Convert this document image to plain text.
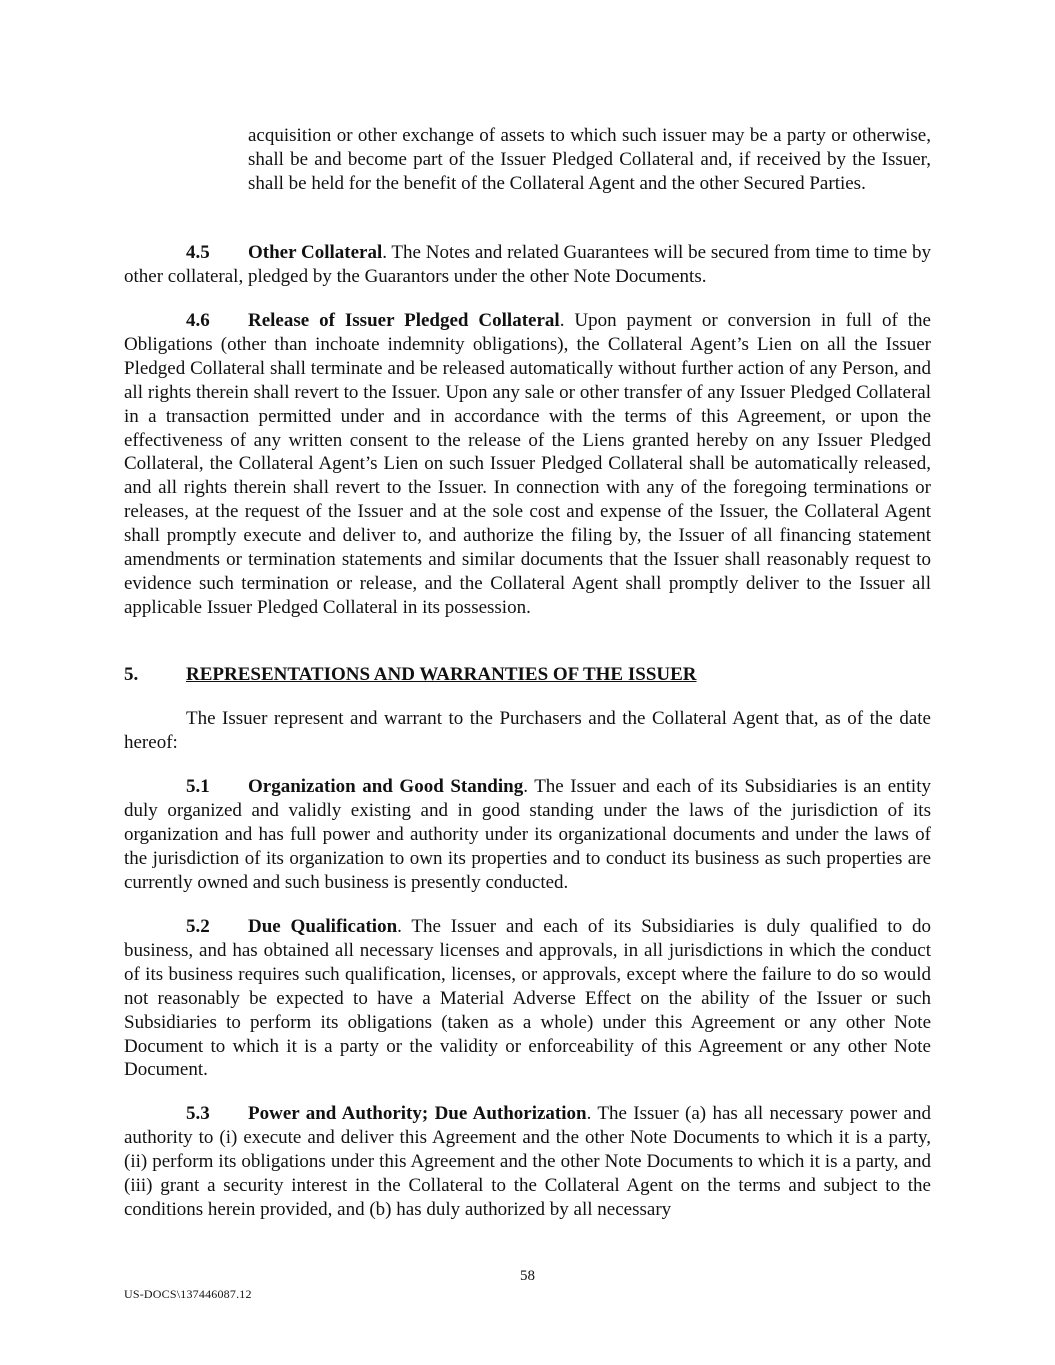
acquisition or other exchange of assets to which such issuer may be a party or otherwise, shall be and become part of the Issuer Pledged Collateral and, if received by the Issuer, shall be held for the benefit of the Collateral Agent and the other Secured Parties.
4.5 Other Collateral. The Notes and related Guarantees will be secured from time to time by other collateral, pledged by the Guarantors under the other Note Documents.
4.6 Release of Issuer Pledged Collateral. Upon payment or conversion in full of the Obligations (other than inchoate indemnity obligations), the Collateral Agent’s Lien on all the Issuer Pledged Collateral shall terminate and be released automatically without further action of any Person, and all rights therein shall revert to the Issuer. Upon any sale or other transfer of any Issuer Pledged Collateral in a transaction permitted under and in accordance with the terms of this Agreement, or upon the effectiveness of any written consent to the release of the Liens granted hereby on any Issuer Pledged Collateral, the Collateral Agent’s Lien on such Issuer Pledged Collateral shall be automatically released, and all rights therein shall revert to the Issuer. In connection with any of the foregoing terminations or releases, at the request of the Issuer and at the sole cost and expense of the Issuer, the Collateral Agent shall promptly execute and deliver to, and authorize the filing by, the Issuer of all financing statement amendments or termination statements and similar documents that the Issuer shall reasonably request to evidence such termination or release, and the Collateral Agent shall promptly deliver to the Issuer all applicable Issuer Pledged Collateral in its possession.
5.	REPRESENTATIONS AND WARRANTIES OF THE ISSUER
The Issuer represent and warrant to the Purchasers and the Collateral Agent that, as of the date hereof:
5.1 Organization and Good Standing. The Issuer and each of its Subsidiaries is an entity duly organized and validly existing and in good standing under the laws of the jurisdiction of its organization and has full power and authority under its organizational documents and under the laws of the jurisdiction of its organization to own its properties and to conduct its business as such properties are currently owned and such business is presently conducted.
5.2 Due Qualification. The Issuer and each of its Subsidiaries is duly qualified to do business, and has obtained all necessary licenses and approvals, in all jurisdictions in which the conduct of its business requires such qualification, licenses, or approvals, except where the failure to do so would not reasonably be expected to have a Material Adverse Effect on the ability of the Issuer or such Subsidiaries to perform its obligations (taken as a whole) under this Agreement or any other Note Document to which it is a party or the validity or enforceability of this Agreement or any other Note Document.
5.3 Power and Authority; Due Authorization. The Issuer (a) has all necessary power and authority to (i) execute and deliver this Agreement and the other Note Documents to which it is a party, (ii) perform its obligations under this Agreement and the other Note Documents to which it is a party, and (iii) grant a security interest in the Collateral to the Collateral Agent on the terms and subject to the conditions herein provided, and (b) has duly authorized by all necessary
58
US-DOCS\137446087.12
